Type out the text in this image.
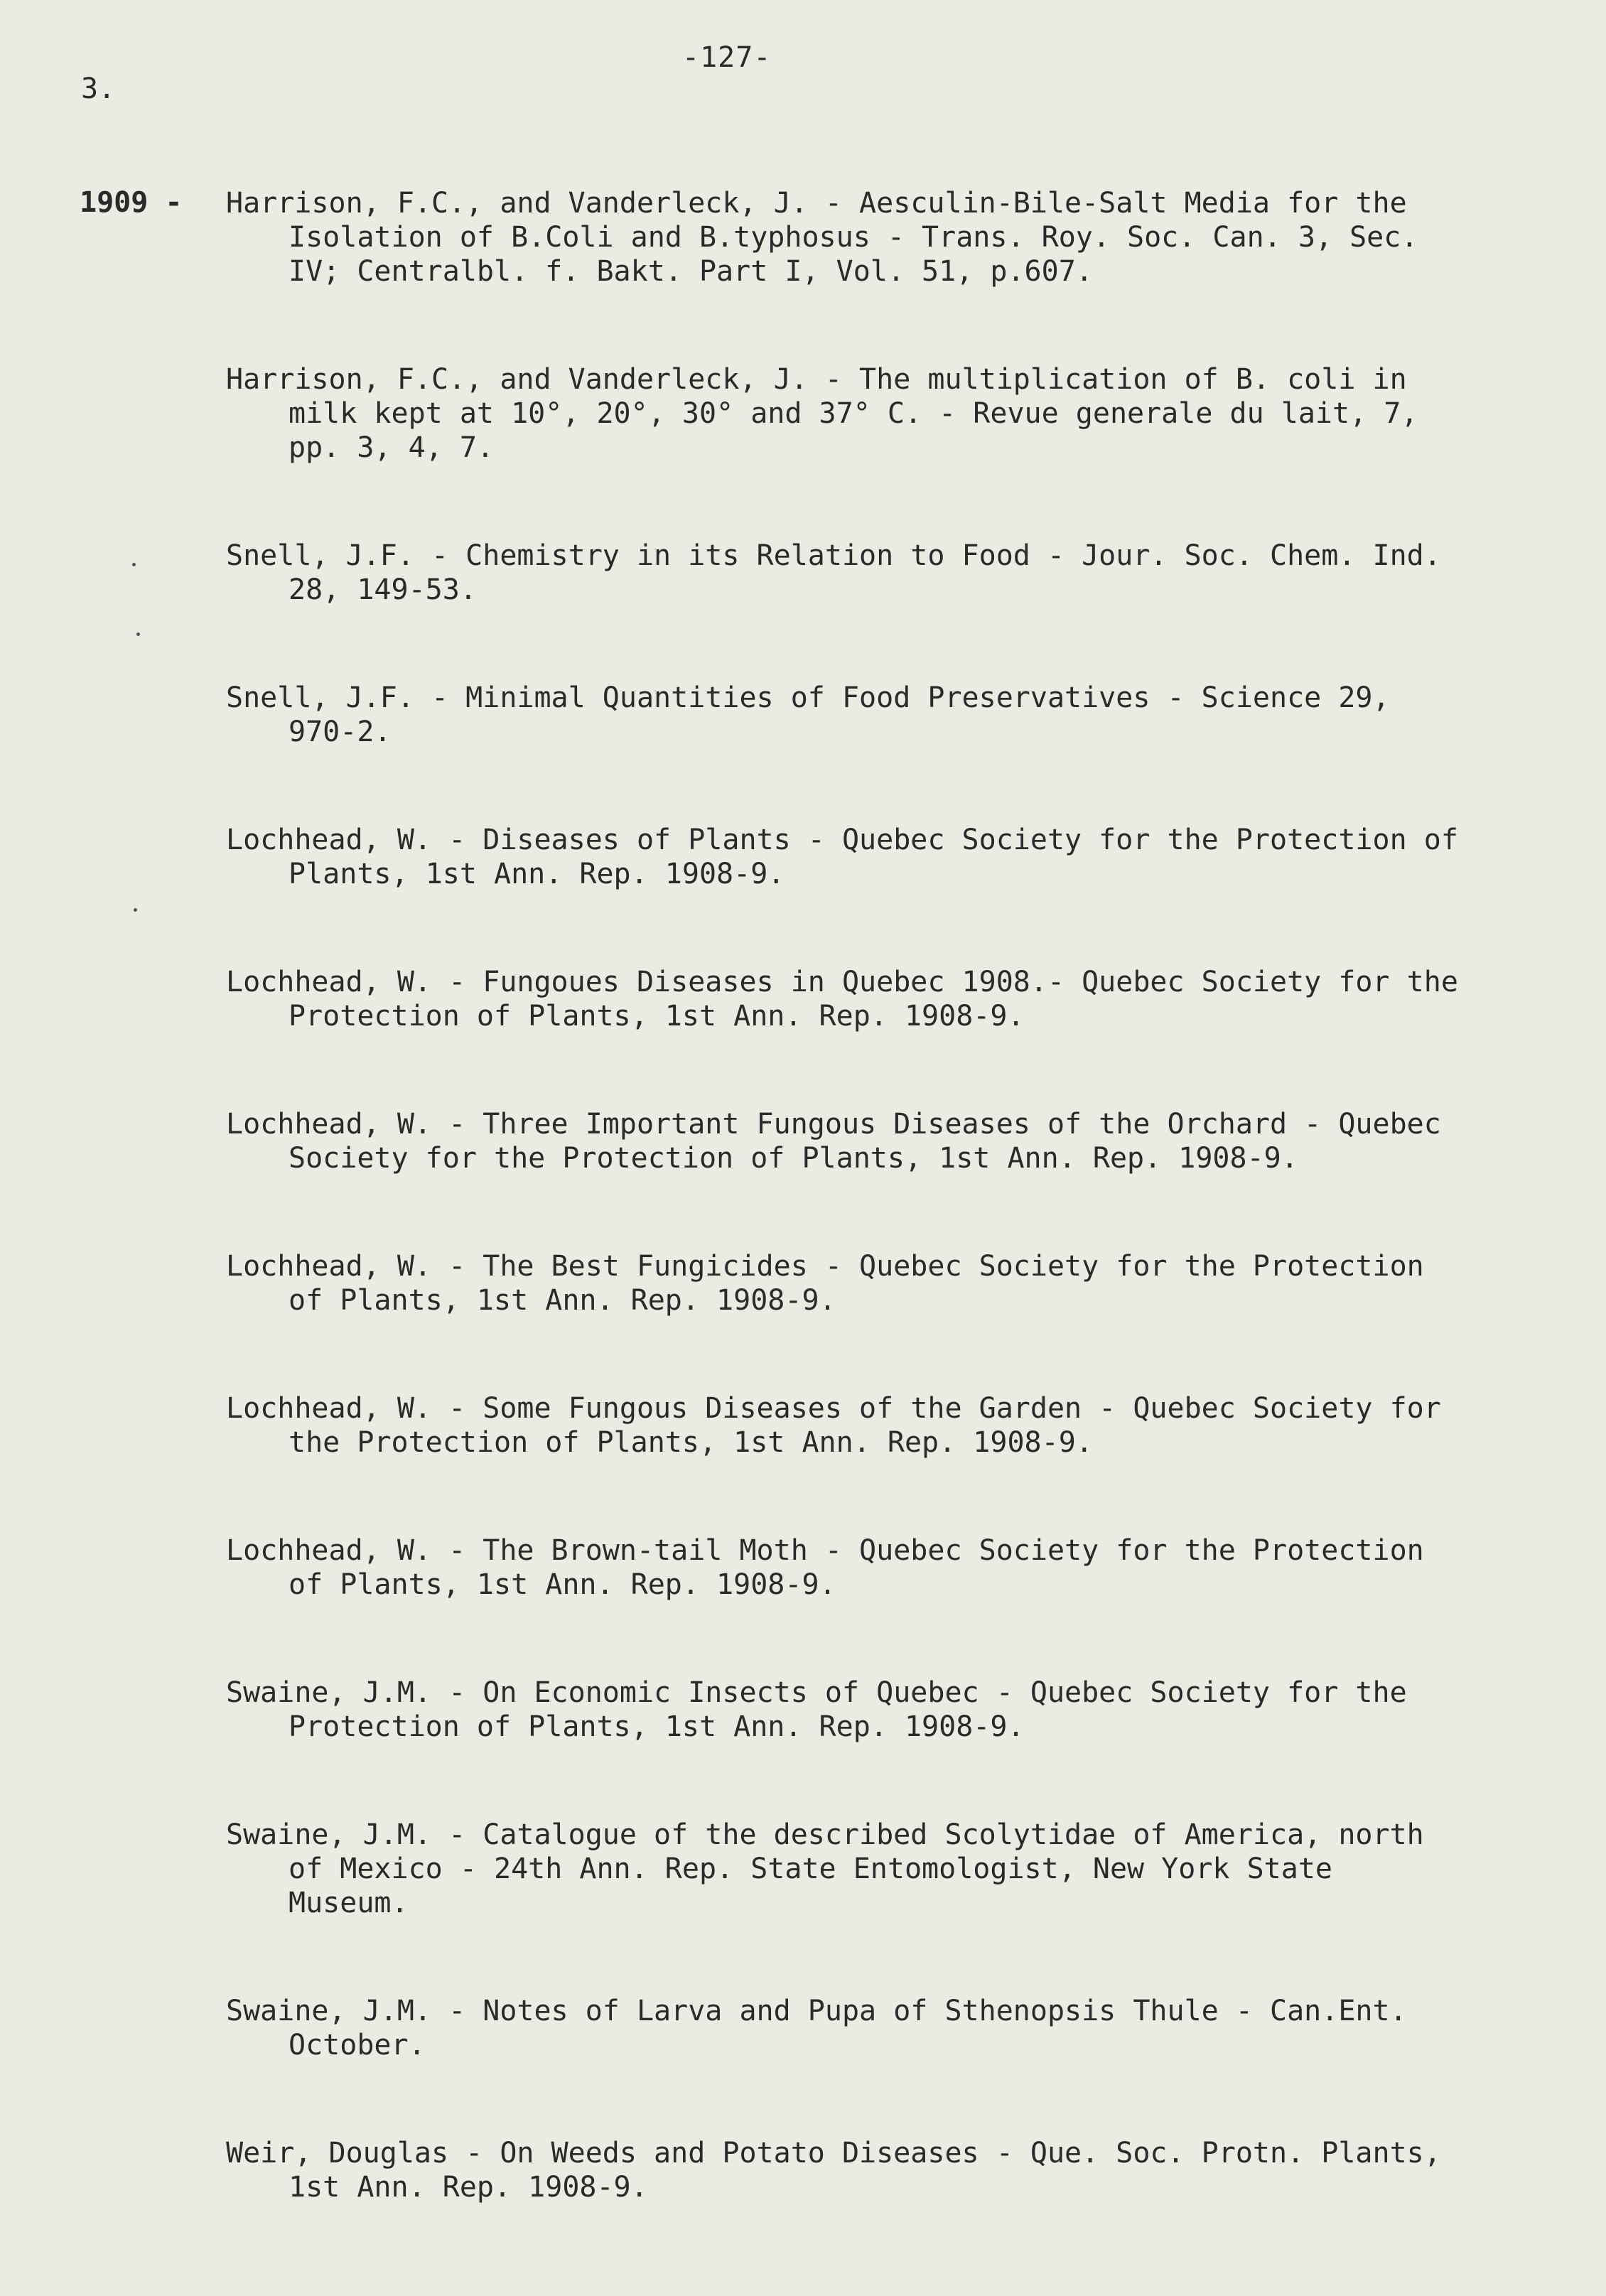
-127-
3.
1909 - Harrison, F.C., and Vanderleck, J. - Aesculin-Bile-Salt Media for the Isolation of B.Coli and B.typhosus - Trans. Roy. Soc. Can. 3, Sec. IV; Centralbl. f. Bakt. Part I, Vol. 51, p.607.
Harrison, F.C., and Vanderleck, J. - The multiplication of B. coli in milk kept at 10°, 20°, 30° and 37° C. - Revue generale du lait, 7, pp. 3, 4, 7.
Snell, J.F. - Chemistry in its Relation to Food - Jour. Soc. Chem. Ind. 28, 149-53.
Snell, J.F. - Minimal Quantities of Food Preservatives - Science 29, 970-2.
Lochhead, W. - Diseases of Plants - Quebec Society for the Protection of Plants, 1st Ann. Rep. 1908-9.
Lochhead, W. - Fungoues Diseases in Quebec 1908.- Quebec Society for the Protection of Plants, 1st Ann. Rep. 1908-9.
Lochhead, W. - Three Important Fungous Diseases of the Orchard - Quebec Society for the Protection of Plants, 1st Ann. Rep. 1908-9.
Lochhead, W. - The Best Fungicides - Quebec Society for the Protection of Plants, 1st Ann. Rep. 1908-9.
Lochhead, W. - Some Fungous Diseases of the Garden - Quebec Society for the Protection of Plants, 1st Ann. Rep. 1908-9.
Lochhead, W. - The Brown-tail Moth - Quebec Society for the Protection of Plants, 1st Ann. Rep. 1908-9.
Swaine, J.M. - On Economic Insects of Quebec - Quebec Society for the Protection of Plants, 1st Ann. Rep. 1908-9.
Swaine, J.M. - Catalogue of the described Scolytidae of America, north of Mexico - 24th Ann. Rep. State Entomologist, New York State Museum.
Swaine, J.M. - Notes of Larva and Pupa of Sthenopsis Thule - Can.Ent. October.
Weir, Douglas - On Weeds and Potato Diseases - Que. Soc. Protn. Plants, 1st Ann. Rep. 1908-9.
